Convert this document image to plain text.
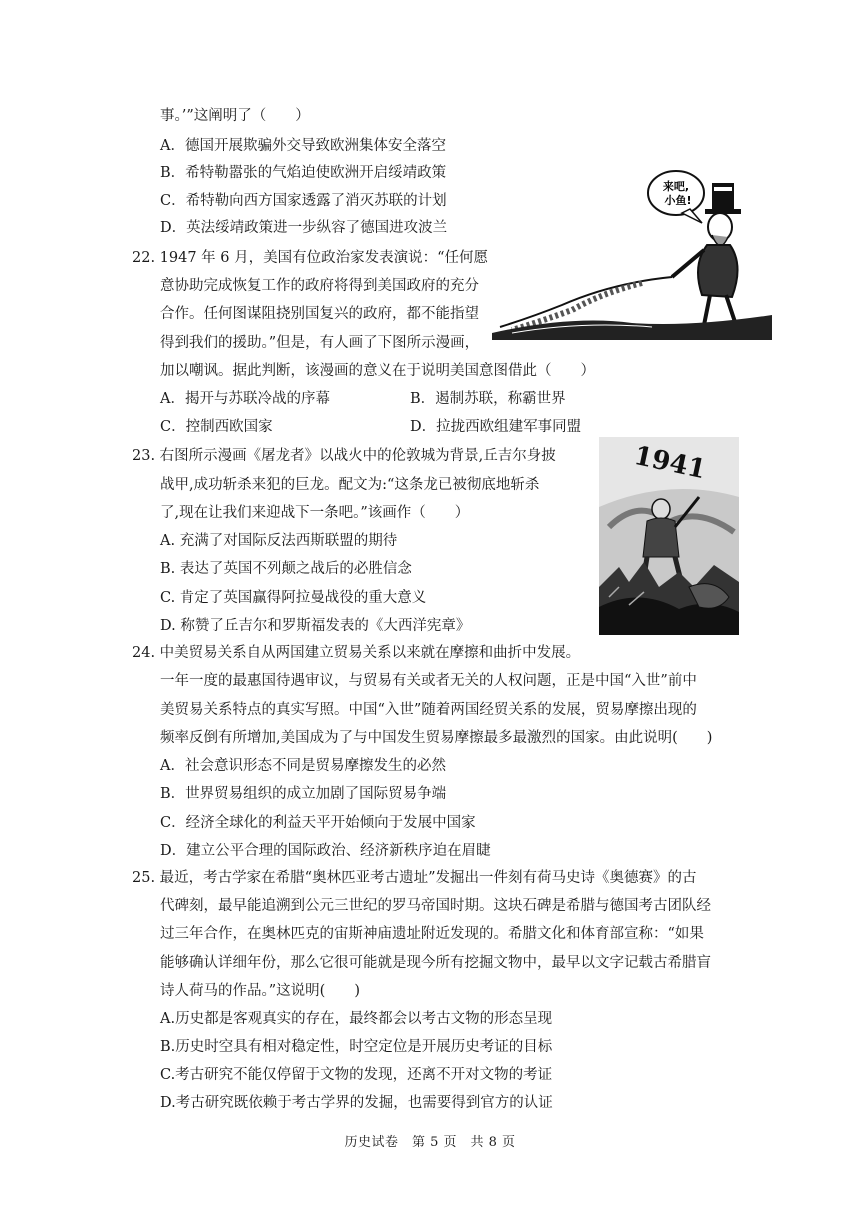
事。’”这阐明了（　　）
A．德国开展欺骗外交导致欧洲集体安全落空
B．希特勒嚣张的气焰迫使欧洲开启绥靖政策
C．希特勒向西方国家透露了消灭苏联的计划
D．英法绥靖政策进一步纵容了德国进攻波兰
来吧,
小鱼!
22. 1947 年 6 月，美国有位政治家发表演说：“任何愿
意协助完成恢复工作的政府将得到美国政府的充分
合作。任何图谋阻挠别国复兴的政府，都不能指望
得到我们的援助。”但是，有人画了下图所示漫画，
加以嘲讽。据此判断，该漫画的意义在于说明美国意图借此（　　）
A．揭开与苏联冷战的序幕	B．遏制苏联，称霸世界
C．控制西欧国家	D．拉拢西欧组建军事同盟
1941
23. 右图所示漫画《屠龙者》以战火中的伦敦城为背景,丘吉尔身披
战甲,成功斩杀来犯的巨龙。配文为:“这条龙已被彻底地斩杀
了,现在让我们来迎战下一条吧。”该画作（　　）
A. 充满了对国际反法西斯联盟的期待
B. 表达了英国不列颠之战后的必胜信念
C. 肯定了英国赢得阿拉曼战役的重大意义
D. 称赞了丘吉尔和罗斯福发表的《大西洋宪章》
24. 中美贸易关系自从两国建立贸易关系以来就在摩擦和曲折中发展。
一年一度的最惠国待遇审议，与贸易有关或者无关的人权问题，正是中国“入世”前中
美贸易关系特点的真实写照。中国“入世”随着两国经贸关系的发展，贸易摩擦出现的
频率反倒有所增加,美国成为了与中国发生贸易摩擦最多最激烈的国家。由此说明(　　)
A．社会意识形态不同是贸易摩擦发生的必然
B．世界贸易组织的成立加剧了国际贸易争端
C．经济全球化的利益天平开始倾向于发展中国家
D．建立公平合理的国际政治、经济新秩序迫在眉睫
25. 最近，考古学家在希腊“奥林匹亚考古遗址”发掘出一件刻有荷马史诗《奥德赛》的古
代碑刻，最早能追溯到公元三世纪的罗马帝国时期。这块石碑是希腊与德国考古团队经
过三年合作，在奥林匹克的宙斯神庙遗址附近发现的。希腊文化和体育部宣称：“如果
能够确认详细年份，那么它很可能就是现今所有挖掘文物中，最早以文字记载古希腊盲
诗人荷马的作品。”这说明(　　)
A.历史都是客观真实的存在，最终都会以考古文物的形态呈现
B.历史时空具有相对稳定性，时空定位是开展历史考证的目标
C.考古研究不能仅停留于文物的发现，还离不开对文物的考证
D.考古研究既依赖于考古学界的发掘，也需要得到官方的认证
历史试卷　第 5 页　共 8 页
